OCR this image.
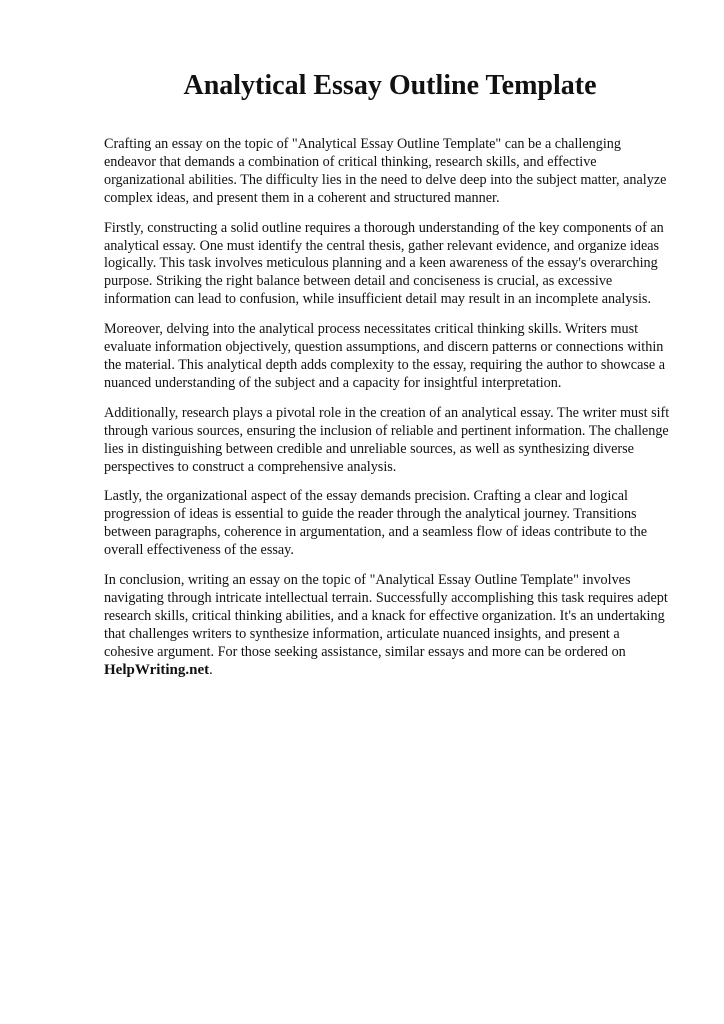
Analytical Essay Outline Template

Crafting an essay on the topic of "Analytical Essay Outline Template" can be a challenging endeavor that demands a combination of critical thinking, research skills, and effective organizational abilities. The difficulty lies in the need to delve deep into the subject matter, analyze complex ideas, and present them in a coherent and structured manner.

Firstly, constructing a solid outline requires a thorough understanding of the key components of an analytical essay. One must identify the central thesis, gather relevant evidence, and organize ideas logically. This task involves meticulous planning and a keen awareness of the essay's overarching purpose. Striking the right balance between detail and conciseness is crucial, as excessive information can lead to confusion, while insufficient detail may result in an incomplete analysis.

Moreover, delving into the analytical process necessitates critical thinking skills. Writers must evaluate information objectively, question assumptions, and discern patterns or connections within the material. This analytical depth adds complexity to the essay, requiring the author to showcase a nuanced understanding of the subject and a capacity for insightful interpretation.

Additionally, research plays a pivotal role in the creation of an analytical essay. The writer must sift through various sources, ensuring the inclusion of reliable and pertinent information. The challenge lies in distinguishing between credible and unreliable sources, as well as synthesizing diverse perspectives to construct a comprehensive analysis.

Lastly, the organizational aspect of the essay demands precision. Crafting a clear and logical progression of ideas is essential to guide the reader through the analytical journey. Transitions between paragraphs, coherence in argumentation, and a seamless flow of ideas contribute to the overall effectiveness of the essay.

In conclusion, writing an essay on the topic of "Analytical Essay Outline Template" involves navigating through intricate intellectual terrain. Successfully accomplishing this task requires adept research skills, critical thinking abilities, and a knack for effective organization. It's an undertaking that challenges writers to synthesize information, articulate nuanced insights, and present a cohesive argument. For those seeking assistance, similar essays and more can be ordered on HelpWriting.net.
